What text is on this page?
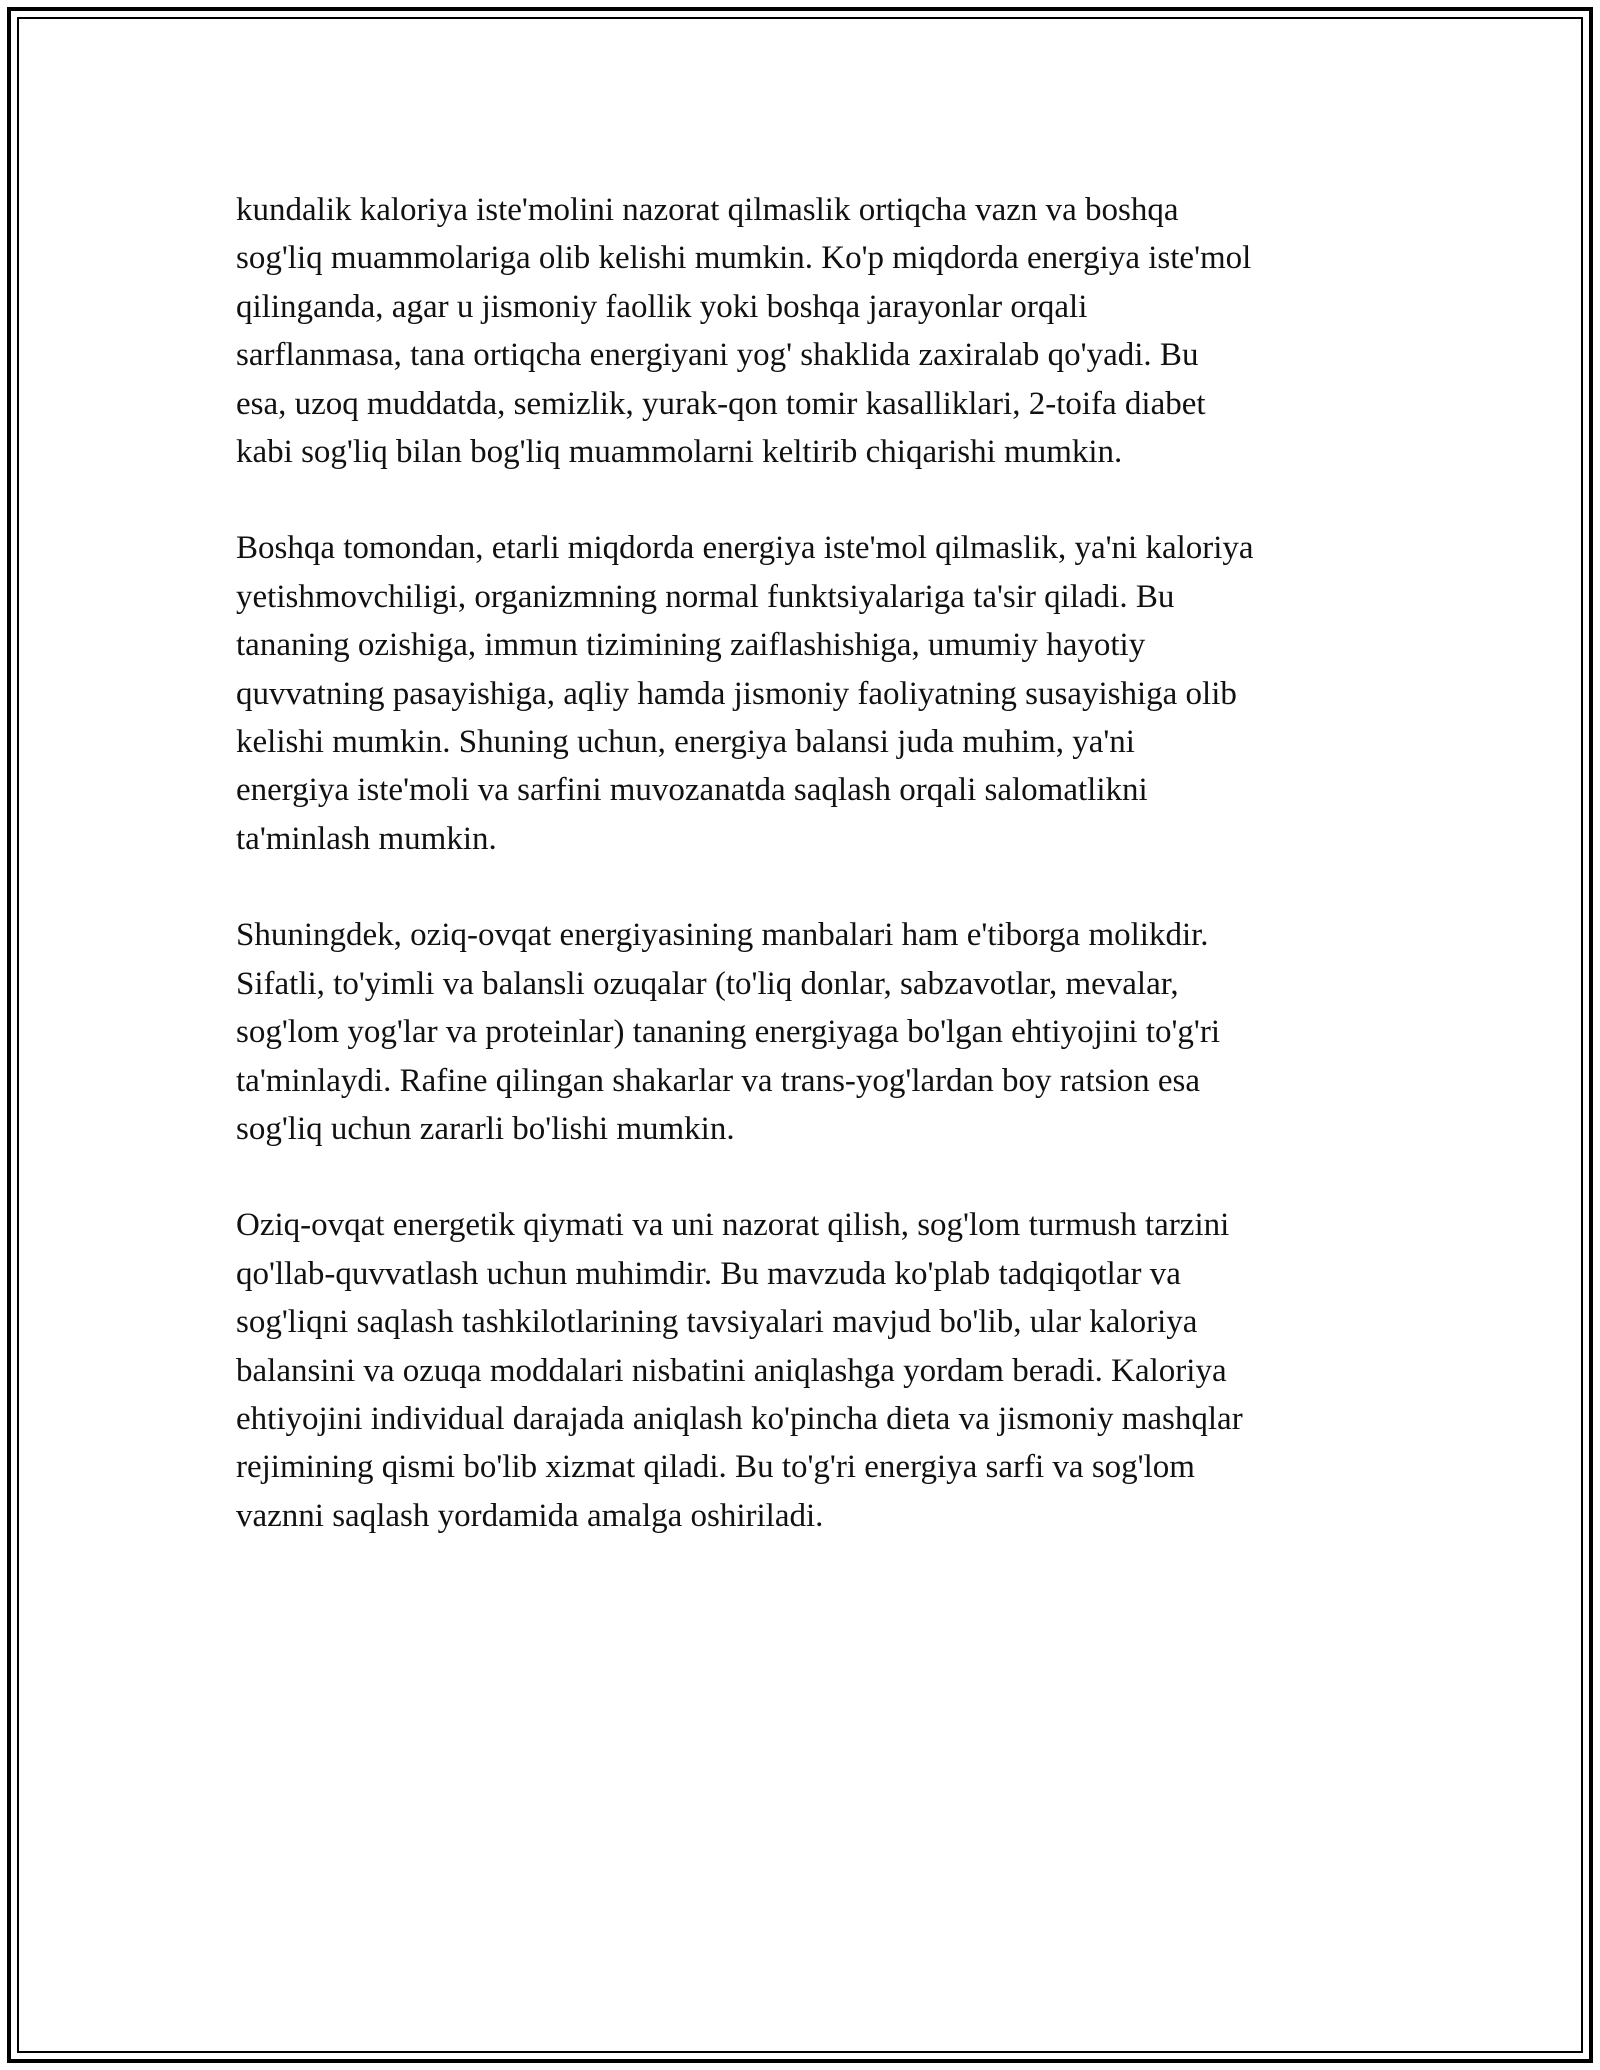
kundalik kaloriya iste'molini nazorat qilmaslik ortiqcha vazn va boshqa
sog'liq muammolariga olib kelishi mumkin. Ko'p miqdorda energiya iste'mol
qilinganda, agar u jismoniy faollik yoki boshqa jarayonlar orqali
sarflanmasa, tana ortiqcha energiyani yog' shaklida zaxiralab qo'yadi. Bu
esa, uzoq muddatda, semizlik, yurak-qon tomir kasalliklari, 2-toifa diabet
kabi sog'liq bilan bog'liq muammolarni keltirib chiqarishi mumkin.

Boshqa tomondan, etarli miqdorda energiya iste'mol qilmaslik, ya'ni kaloriya
yetishmovchiligi, organizmning normal funktsiyalariga ta'sir qiladi. Bu
tananing ozishiga, immun tizimining zaiflashishiga, umumiy hayotiy
quvvatning pasayishiga, aqliy hamda jismoniy faoliyatning susayishiga olib
kelishi mumkin. Shuning uchun, energiya balansi juda muhim, ya'ni
energiya iste'moli va sarfini muvozanatda saqlash orqali salomatlikni
ta'minlash mumkin.

Shuningdek, oziq-ovqat energiyasining manbalari ham e'tiborga molikdir.
Sifatli, to'yimli va balansli ozuqalar (to'liq donlar, sabzavotlar, mevalar,
sog'lom yog'lar va proteinlar) tananing energiyaga bo'lgan ehtiyojini to'g'ri
ta'minlaydi. Rafine qilingan shakarlar va trans-yog'lardan boy ratsion esa
sog'liq uchun zararli bo'lishi mumkin.

Oziq-ovqat energetik qiymati va uni nazorat qilish, sog'lom turmush tarzini
qo'llab-quvvatlash uchun muhimdir. Bu mavzuda ko'plab tadqiqotlar va
sog'liqni saqlash tashkilotlarining tavsiyalari mavjud bo'lib, ular kaloriya
balansini va ozuqa moddalari nisbatini aniqlashga yordam beradi. Kaloriya
ehtiyojini individual darajada aniqlash ko'pincha dieta va jismoniy mashqlar
rejimining qismi bo'lib xizmat qiladi. Bu to'g'ri energiya sarfi va sog'lom
vaznni saqlash yordamida amalga oshiriladi.
